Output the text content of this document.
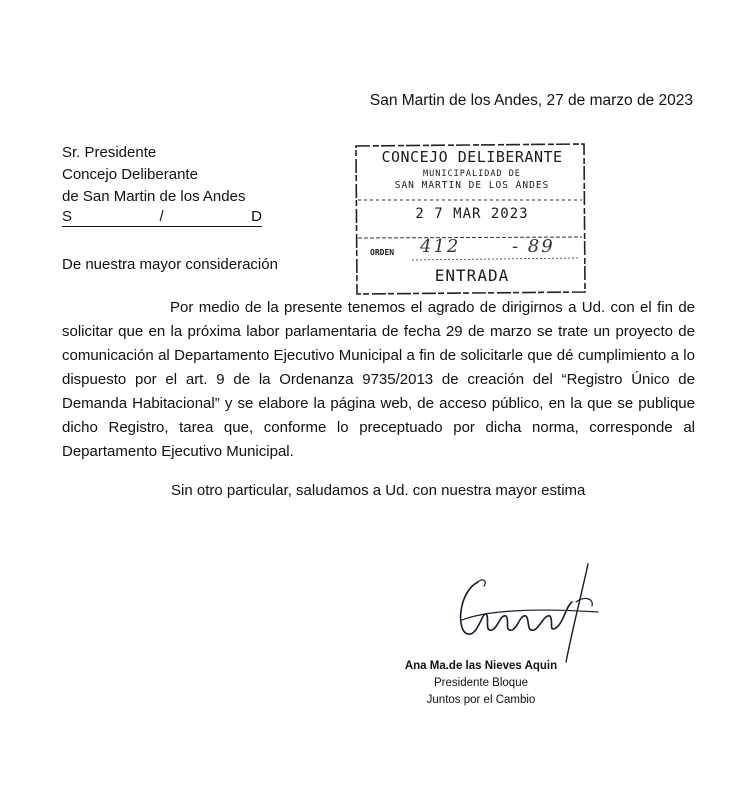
San Martin de los Andes, 27 de marzo de 2023
Sr. Presidente
Concejo Deliberante
de San Martin de los Andes
S	/	D
CONCEJO DELIBERANTE
MUNICIPALIDAD DE
SAN MARTIN DE LOS ANDES
2 7 MAR 2023
ORDEN 412	- 89
ENTRADA
De nuestra mayor consideración

Por medio de la presente tenemos el agrado de dirigirnos a Ud. con el fin de solicitar que en la próxima labor parlamentaria de fecha 29 de marzo se trate un proyecto de comunicación al Departamento Ejecutivo Municipal a fin de solicitarle que dé cumplimiento a lo dispuesto por el art. 9 de la Ordenanza 9735/2013 de creación del “Registro Único de Demanda Habitacional” y se elabore la página web, de acceso público, en la que se publique dicho Registro, tarea que, conforme lo preceptuado por dicha norma, corresponde al Departamento Ejecutivo Municipal.

Sin otro particular, saludamos a Ud. con nuestra mayor estima
Ana Ma.de las Nieves Aquin
Presidente Bloque
Juntos por el Cambio
